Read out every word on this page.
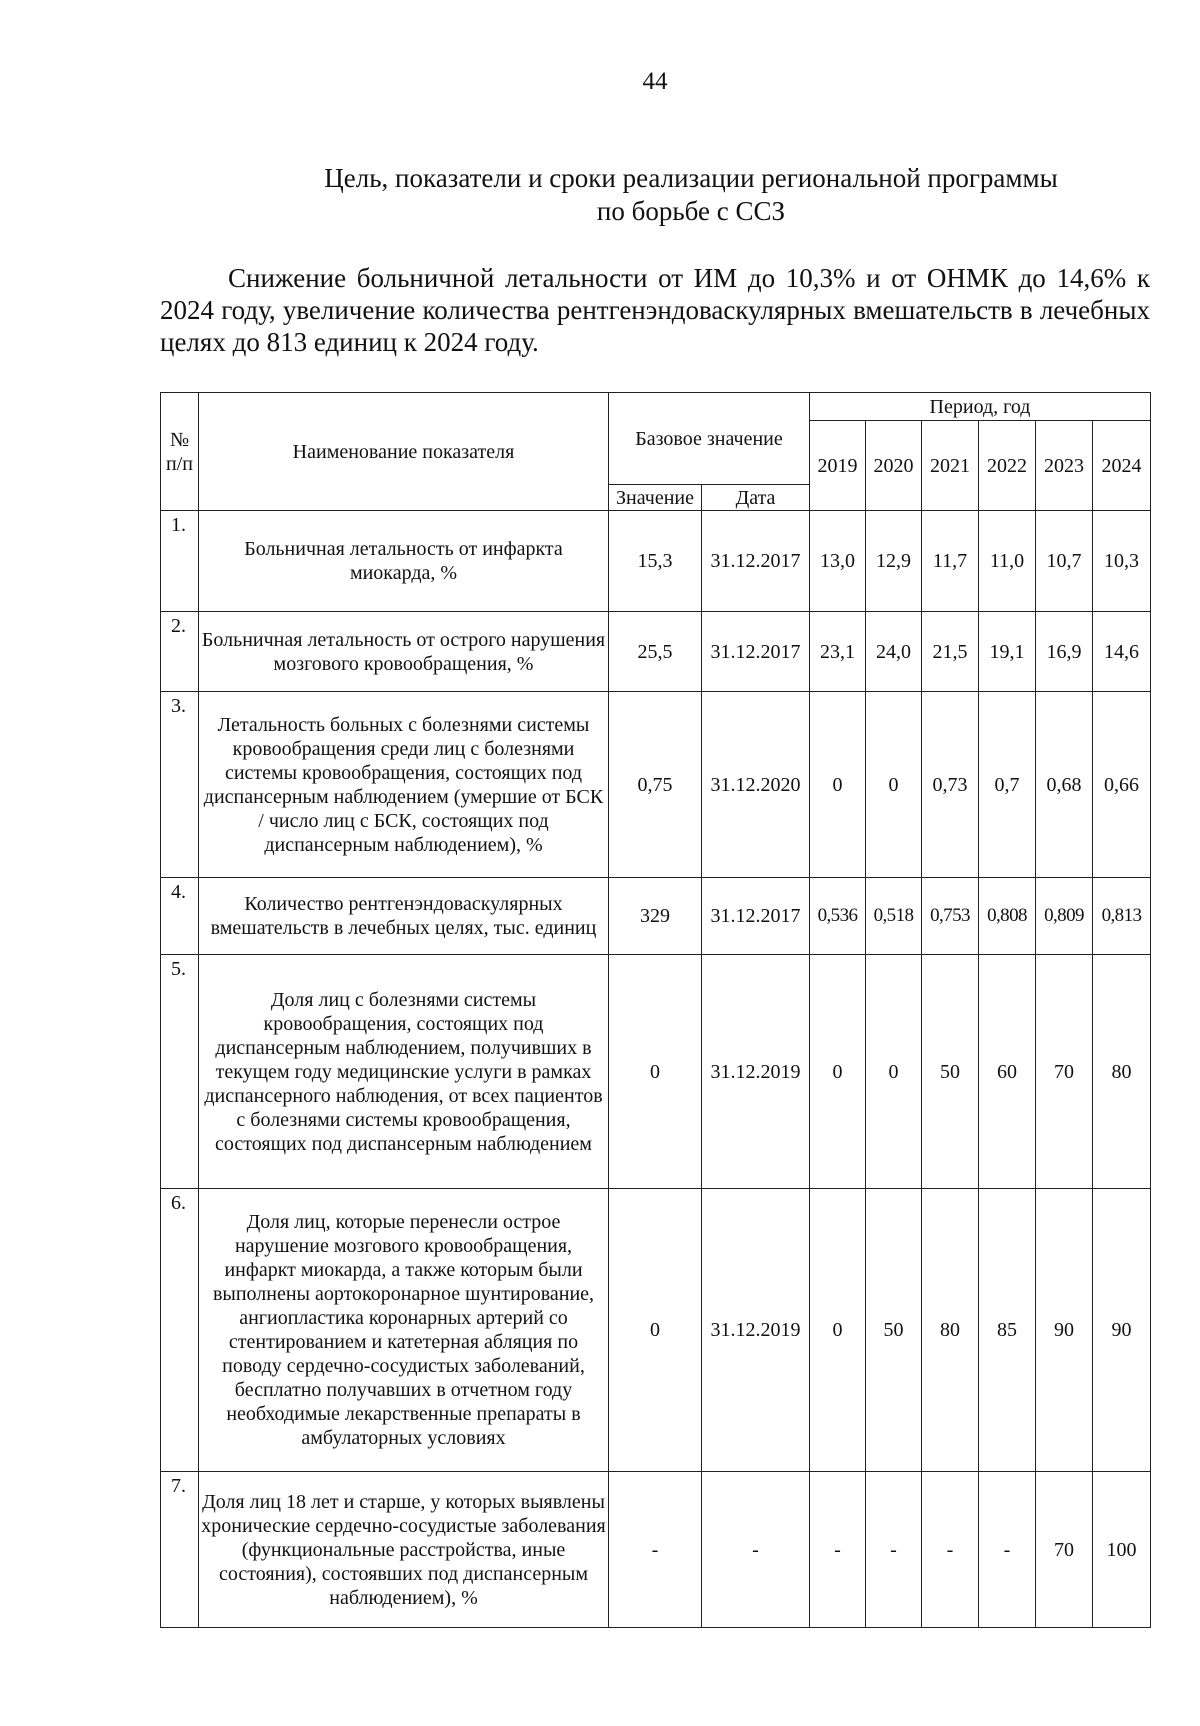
44
Цель, показатели и сроки реализации региональной программы
по борьбе с ССЗ

Снижение больничной летальности от ИМ до 10,3% и от ОНМК до 14,6% к 2024 году, увеличение количества рентгенэндоваскулярных вмешательств в лечебных целях до 813 единиц к 2024 году.

№ п/п	Наименование показателя	Базовое значение		Период, год					
				2019	2020	2021	2022	2023	2024
		Значение	Дата						
1.	Больничная летальность от инфаркта миокарда, %	15,3	31.12.2017	13,0	12,9	11,7	11,0	10,7	10,3
2.	Больничная летальность от острого нарушения мозгового кровообращения, %	25,5	31.12.2017	23,1	24,0	21,5	19,1	16,9	14,6
3.	Летальность больных с болезнями системы кровообращения среди лиц с болезнями системы кровообращения, состоящих под диспансерным наблюдением (умершие от БСК / число лиц с БСК, состоящих под диспансерным наблюдением), %	0,75	31.12.2020	0	0	0,73	0,7	0,68	0,66
4.	Количество рентгенэндоваскулярных вмешательств в лечебных целях, тыс. единиц	329	31.12.2017	0,536	0,518	0,753	0,808	0,809	0,813
5.	Доля лиц с болезнями системы кровообращения, состоящих под диспансерным наблюдением, получивших в текущем году медицинские услуги в рамках диспансерного наблюдения, от всех пациентов с болезнями системы кровообращения, состоящих под диспансерным наблюдением	0	31.12.2019	0	0	50	60	70	80
6.	Доля лиц, которые перенесли острое нарушение мозгового кровообращения, инфаркт миокарда, а также которым были выполнены аортокоронарное шунтирование, ангиопластика коронарных артерий со стентированием и катетерная абляция по поводу сердечно-сосудистых заболеваний, бесплатно получавших в отчетном году необходимые лекарственные препараты в амбулаторных условиях	0	31.12.2019	0	50	80	85	90	90
7.	Доля лиц 18 лет и старше, у которых выявлены хронические сердечно-сосудистые заболевания (функциональные расстройства, иные состояния), состоявших под диспансерным наблюдением), %	-	-	-	-	-	-	70	100
